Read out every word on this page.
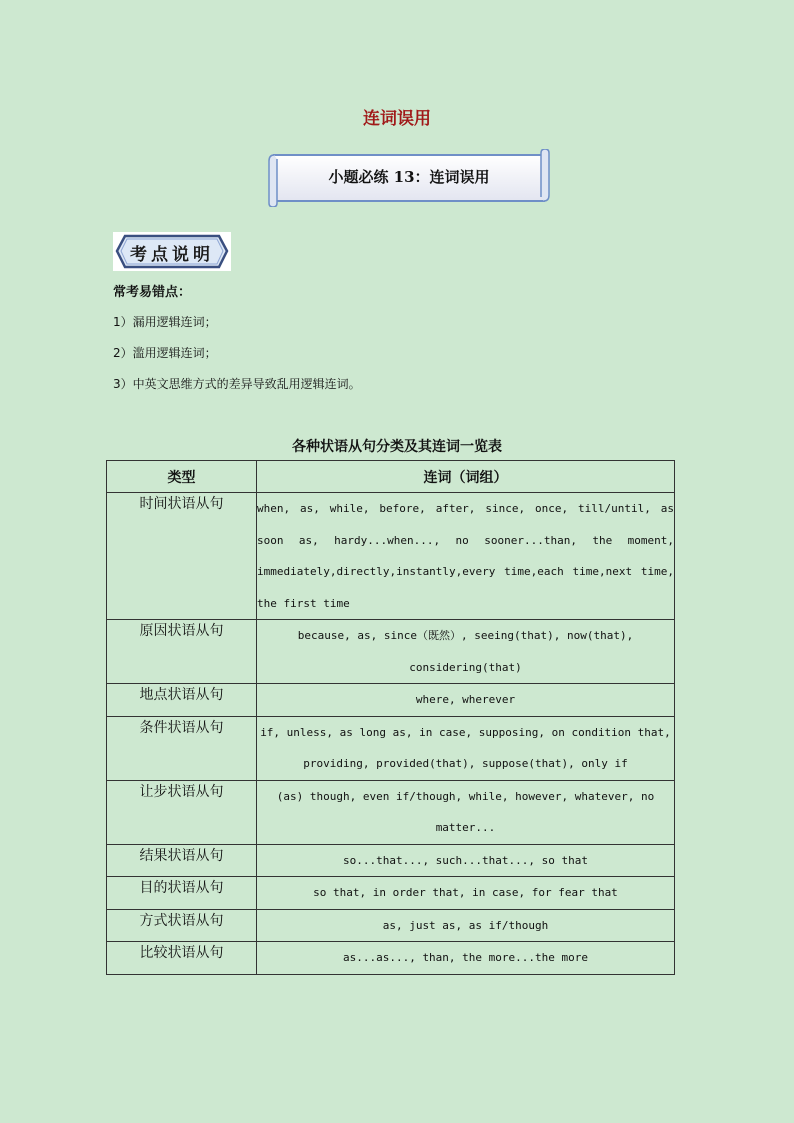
连词误用
小题必练 13：连词误用
考点说明
常考易错点：
1）漏用逻辑连词；
2）滥用逻辑连词；
3）中英文思维方式的差异导致乱用逻辑连词。
各种状语从句分类及其连词一览表
类型	连词（词组）
时间状语从句	when, as, while, before, after, since, once, till/until, as soon as, hardy...when..., no sooner...than, the moment, immediately,directly,instantly,every time,each time,next time, the first time
原因状语从句	because, as, since（既然）, seeing(that), now(that), considering(that)
地点状语从句	where, wherever
条件状语从句	if, unless, as long as, in case, supposing, on condition that, providing, provided(that), suppose(that), only if
让步状语从句	(as) though, even if/though, while, however, whatever, no matter...
结果状语从句	so...that..., such...that..., so that
目的状语从句	so that, in order that, in case, for fear that
方式状语从句	as, just as, as if/though
比较状语从句	as...as..., than, the more...the more
